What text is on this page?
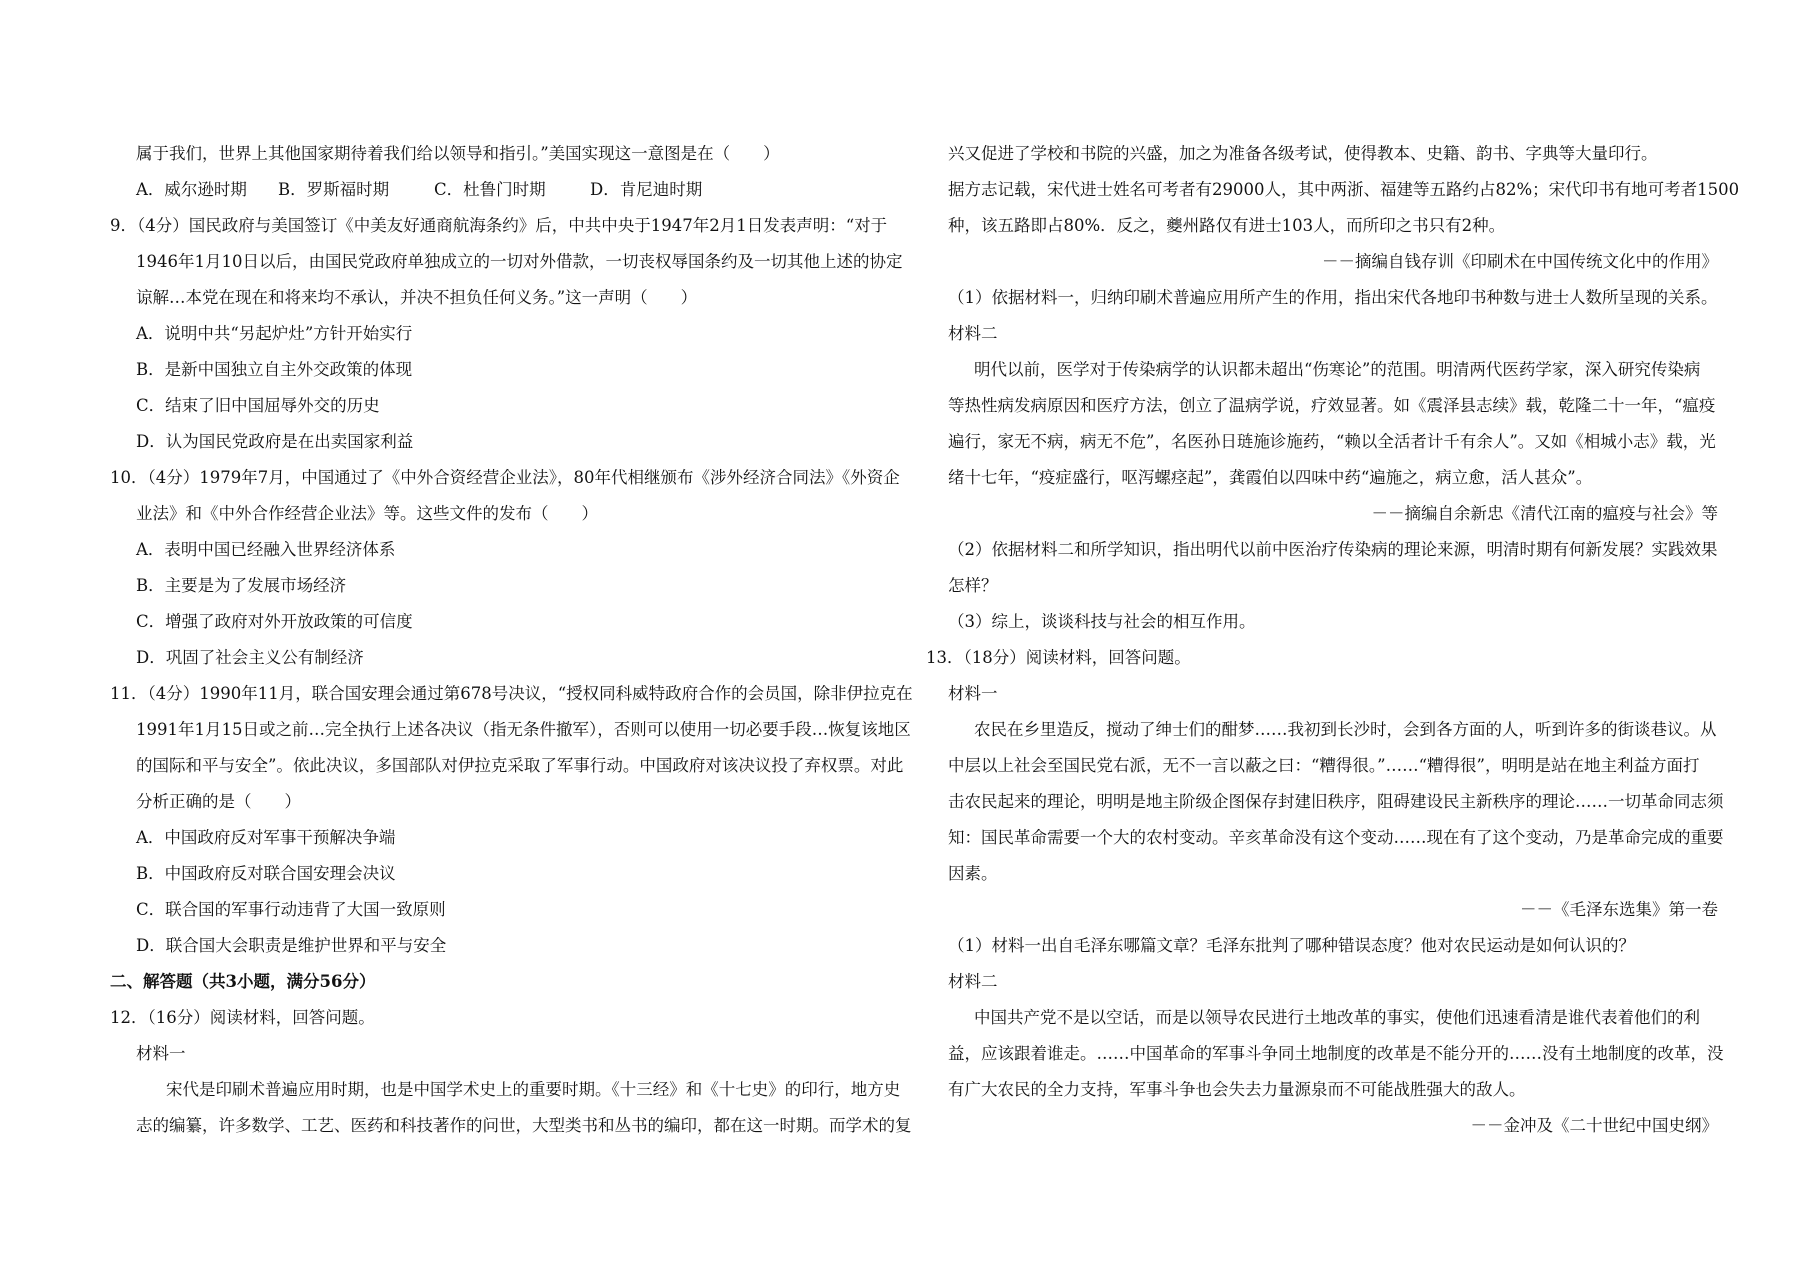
属于我们，世界上其他国家期待着我们给以领导和指引。”美国实现这一意图是在（　　）
A．威尔逊时期 B．罗斯福时期	C．杜鲁门时期	D．肯尼迪时期
9．（4分）国民政府与美国签订《中美友好通商航海条约》后，中共中央于1947年2月1日发表声明：“对于
1946年1月10日以后，由国民党政府单独成立的一切对外借款，一切丧权辱国条约及一切其他上述的协定
谅解…本党在现在和将来均不承认，并决不担负任何义务。”这一声明（　　）
A．说明中共“另起炉灶”方针开始实行
B．是新中国独立自主外交政策的体现
C．结束了旧中国屈辱外交的历史
D．认为国民党政府是在出卖国家利益
10．（4分）1979年7月，中国通过了《中外合资经营企业法》，80年代相继颁布《涉外经济合同法》《外资企
业法》和《中外合作经营企业法》等。这些文件的发布（　　）
A．表明中国已经融入世界经济体系
B．主要是为了发展市场经济
C．增强了政府对外开放政策的可信度
D．巩固了社会主义公有制经济
11．（4分）1990年11月，联合国安理会通过第678号决议，“授权同科威特政府合作的会员国，除非伊拉克在
1991年1月15日或之前…完全执行上述各决议（指无条件撤军），否则可以使用一切必要手段…恢复该地区
的国际和平与安全”。依此决议，多国部队对伊拉克采取了军事行动。中国政府对该决议投了弃权票。对此
分析正确的是（　　）
A．中国政府反对军事干预解决争端
B．中国政府反对联合国安理会决议
C．联合国的军事行动违背了大国一致原则
D．联合国大会职责是维护世界和平与安全
二、解答题（共3小题，满分56分）
12．（16分）阅读材料，回答问题。
材料一
宋代是印刷术普遍应用时期，也是中国学术史上的重要时期。《十三经》和《十七史》的印行，地方史
志的编纂，许多数学、工艺、医药和科技著作的问世，大型类书和丛书的编印，都在这一时期。而学术的复
兴又促进了学校和书院的兴盛，加之为准备各级考试，使得教本、史籍、韵书、字典等大量印行。
据方志记载，宋代进士姓名可考者有29000人，其中两浙、福建等五路约占82%；宋代印书有地可考者1500
种，该五路即占80%．反之，夔州路仅有进士103人，而所印之书只有2种。
－－摘编自钱存训《印刷术在中国传统文化中的作用》
（1）依据材料一，归纳印刷术普遍应用所产生的作用，指出宋代各地印书种数与进士人数所呈现的关系。
材料二
明代以前，医学对于传染病学的认识都未超出“伤寒论”的范围。明清两代医药学家，深入研究传染病
等热性病发病原因和医疗方法，创立了温病学说，疗效显著。如《震泽县志续》载，乾隆二十一年，“瘟疫
遍行，家无不病，病无不危”，名医孙日琏施诊施药，“赖以全活者计千有余人”。又如《相城小志》载，光
绪十七年，“疫症盛行，呕泻螺痉起”，龚霞伯以四味中药“遍施之，病立愈，活人甚众”。
－－摘编自余新忠《清代江南的瘟疫与社会》等
（2）依据材料二和所学知识，指出明代以前中医治疗传染病的理论来源，明清时期有何新发展？实践效果
怎样？
（3）综上，谈谈科技与社会的相互作用。
13．（18分）阅读材料，回答问题。
材料一
农民在乡里造反，搅动了绅士们的酣梦……我初到长沙时，会到各方面的人，听到许多的街谈巷议。从
中层以上社会至国民党右派，无不一言以蔽之曰：“糟得很。”……“糟得很”，明明是站在地主利益方面打
击农民起来的理论，明明是地主阶级企图保存封建旧秩序，阻碍建设民主新秩序的理论……一切革命同志须
知：国民革命需要一个大的农村变动。辛亥革命没有这个变动……现在有了这个变动，乃是革命完成的重要
因素。
－－《毛泽东选集》第一卷
（1）材料一出自毛泽东哪篇文章？毛泽东批判了哪种错误态度？他对农民运动是如何认识的？
材料二
中国共产党不是以空话，而是以领导农民进行土地改革的事实，使他们迅速看清是谁代表着他们的利
益，应该跟着谁走。……中国革命的军事斗争同土地制度的改革是不能分开的……没有土地制度的改革，没
有广大农民的全力支持，军事斗争也会失去力量源泉而不可能战胜强大的敌人。
－－金冲及《二十世纪中国史纲》
